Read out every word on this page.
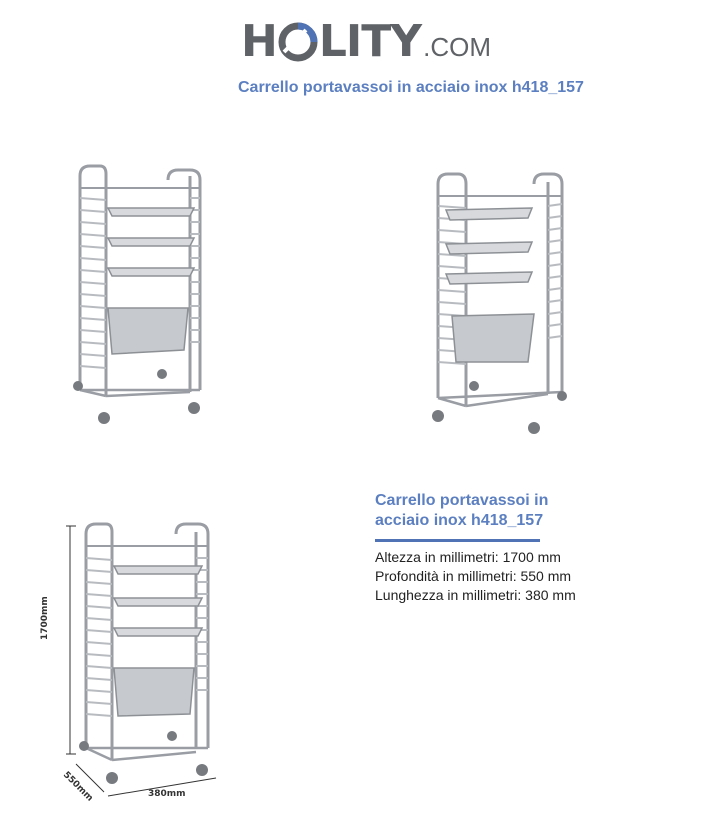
H LITY .COM
Carrello portavassoi in acciaio inox h418_157
1700mm
550mm	380mm
Carrello portavassoi in acciaio inox h418_157
Altezza in millimetri: 1700 mm
Profondità in millimetri: 550 mm
Lunghezza in millimetri: 380 mm
